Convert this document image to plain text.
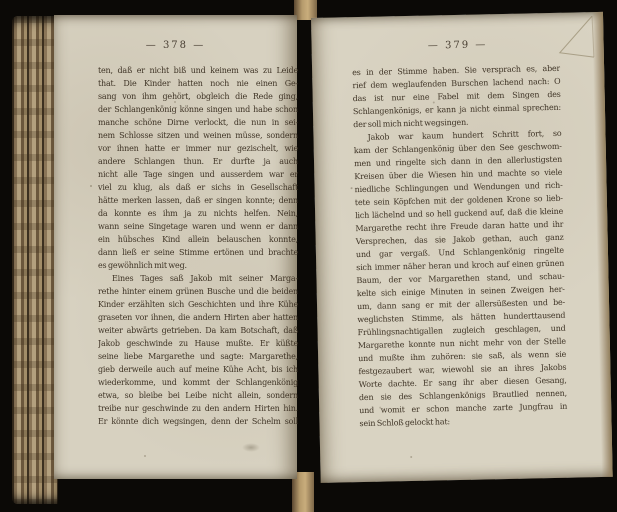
— 378 —
ten, daß er nicht biß und keinem was zu Leide
that. Die Kinder hatten noch nie einen Ge-
sang von ihm gehört, obgleich die Rede ging,
der Schlangenkönig könne singen und habe schon
manche schöne Dirne verlockt, die nun in sei-
nem Schlosse sitzen und weinen müsse, sondern
vor ihnen hatte er immer nur gezischelt, wie
andere Schlangen thun. Er durfte ja auch
nicht alle Tage singen und ausserdem war er
viel zu klug, als daß er sichs in Gesellschaft
hätte merken lassen, daß er singen konnte; denn
da konnte es ihm ja zu nichts helfen. Nein,
wann seine Singetage waren und wenn er dann
ein hübsches Kind allein belauschen konnte,
dann ließ er seine Stimme ertönen und brachte
es gewöhnlich mit weg.
Eines Tages saß Jakob mit seiner Marga-
rethe hinter einem grünen Busche und die beiden
Kinder erzählten sich Geschichten und ihre Kühe
graseten vor ihnen, die andern Hirten aber hatten
weiter abwärts getrieben. Da kam Botschaft, daß
Jakob geschwinde zu Hause mußte. Er küßte
seine liebe Margarethe und sagte: Margarethe,
gieb derweile auch auf meine Kühe Acht, bis ich
wiederkomme, und kommt der Schlangenkönig
etwa, so bleibe bei Leibe nicht allein, sondern
treibe nur geschwinde zu den andern Hirten hin.
Er könnte dich wegsingen, denn der Schelm soll
— 379 —
es in der Stimme haben. Sie versprach es, aber
rief dem weglaufenden Burschen lachend nach: O
das ist nur eine Fabel mit dem Singen des
Schlangenkönigs, er kann ja nicht einmal sprechen:
der soll mich nicht wegsingen.
Jakob war kaum hundert Schritt fort, so
kam der Schlangenkönig über den See geschwom-
men und ringelte sich dann in den allerlustigsten
Kreisen über die Wiesen hin und machte so viele
niedliche Schlingungen und Wendungen und rich-
tete sein Köpfchen mit der goldenen Krone so lieb-
lich lächelnd und so hell guckend auf, daß die kleine
Margarethe recht ihre Freude daran hatte und ihr
Versprechen, das sie Jakob gethan, auch ganz
und gar vergaß. Und Schlangenkönig ringelte
sich immer näher heran und kroch auf einen grünen
Baum, der vor Margarethen stand, und schau-
kelte sich einige Minuten in seinen Zweigen her-
um, dann sang er mit der allersüßesten und be-
weglichsten Stimme, als hätten hunderttausend
Frühlingsnachtigallen zugleich geschlagen, und
Margarethe konnte nun nicht mehr von der Stelle
und mußte ihm zuhören: sie saß, als wenn sie
festgezaubert war, wiewohl sie an ihres Jakobs
Worte dachte. Er sang ihr aber diesen Gesang,
den sie des Schlangenkönigs Brautlied nennen,
und womit er schon manche zarte Jungfrau in
sein Schloß gelockt hat:
